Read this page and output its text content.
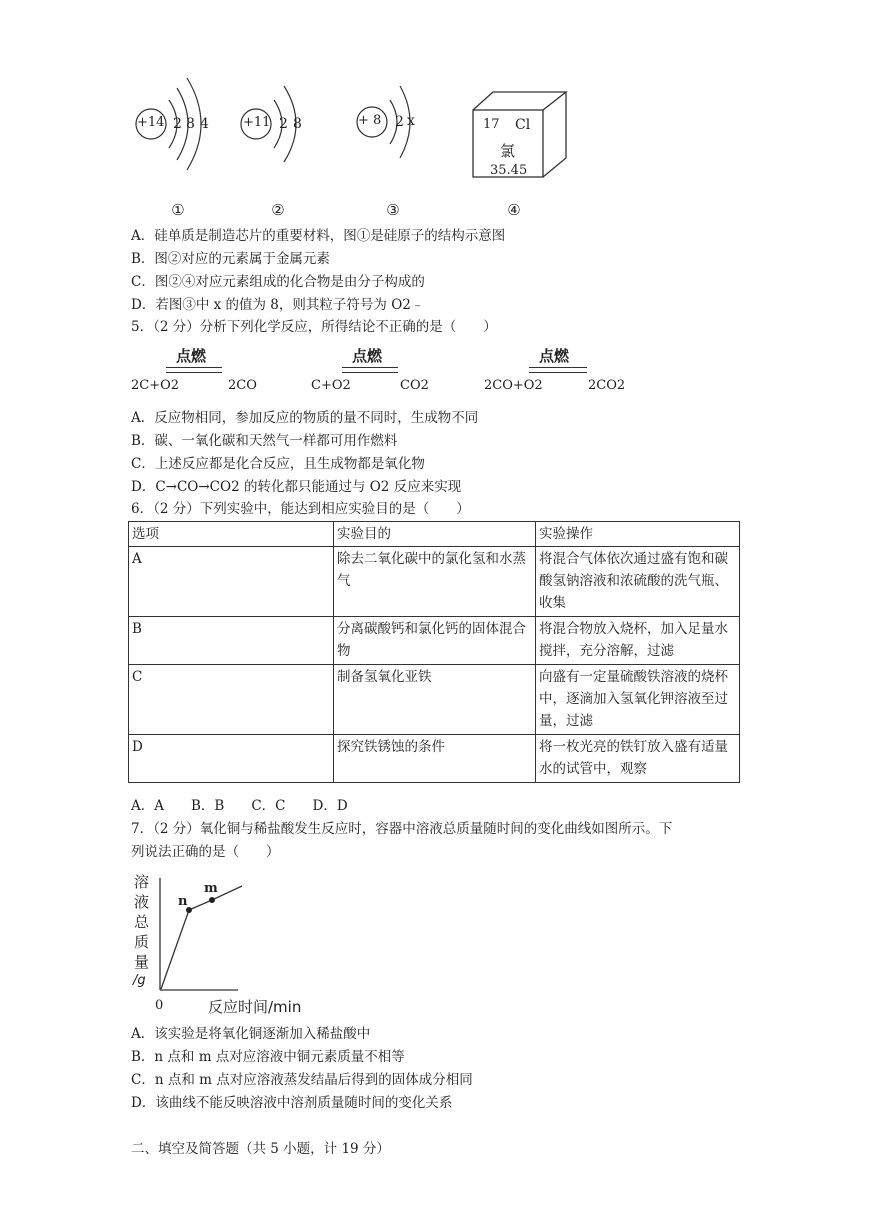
+14 2 8 4
①
+11 2 8
②
+ 8 2 x
③
17 Cl
氯
35.45
④
A．硅单质是制造芯片的重要材料，图①是硅原子的结构示意图
B．图②对应的元素属于金属元素
C．图②④对应元素组成的化合物是由分子构成的
D．若图③中 x 的值为 8，则其粒子符号为 O2﹣
5．（2 分）分析下列化学反应，所得结论不正确的是（　　）
点燃
2C+O2	2CO
点燃
C+O2	CO2
点燃
2CO+O2	2CO2
A．反应物相同，参加反应的物质的量不同时，生成物不同
B．碳、一氧化碳和天然气一样都可用作燃料
C．上述反应都是化合反应，且生成物都是氧化物
D．C→CO→CO2 的转化都只能通过与 O2 反应来实现
6．（2 分）下列实验中，能达到相应实验目的是（　　）
选项	实验目的	实验操作
A	除去二氧化碳中的氯化氢和水蒸气	将混合气体依次通过盛有饱和碳酸氢钠溶液和浓硫酸的洗气瓶、收集
B	分离碳酸钙和氯化钙的固体混合物	将混合物放入烧杯，加入足量水搅拌，充分溶解，过滤
C	制备氢氧化亚铁	向盛有一定量硫酸铁溶液的烧杯中，逐滴加入氢氧化钾溶液至过量，过滤
D	探究铁锈蚀的条件	将一枚光亮的铁钉放入盛有适量水的试管中，观察
A．A　　B．B　　C．C　　D．D
7．（2 分）氧化铜与稀盐酸发生反应时，容器中溶液总质量随时间的变化曲线如图所示。下
列说法正确的是（　　）
溶
液
总
质
量
/g
n
m
0	反应时间/min
A．该实验是将氧化铜逐渐加入稀盐酸中
B．n 点和 m 点对应溶液中铜元素质量不相等
C．n 点和 m 点对应溶液蒸发结晶后得到的固体成分相同
D．该曲线不能反映溶液中溶剂质量随时间的变化关系
二、填空及简答题（共 5 小题，计 19 分）
